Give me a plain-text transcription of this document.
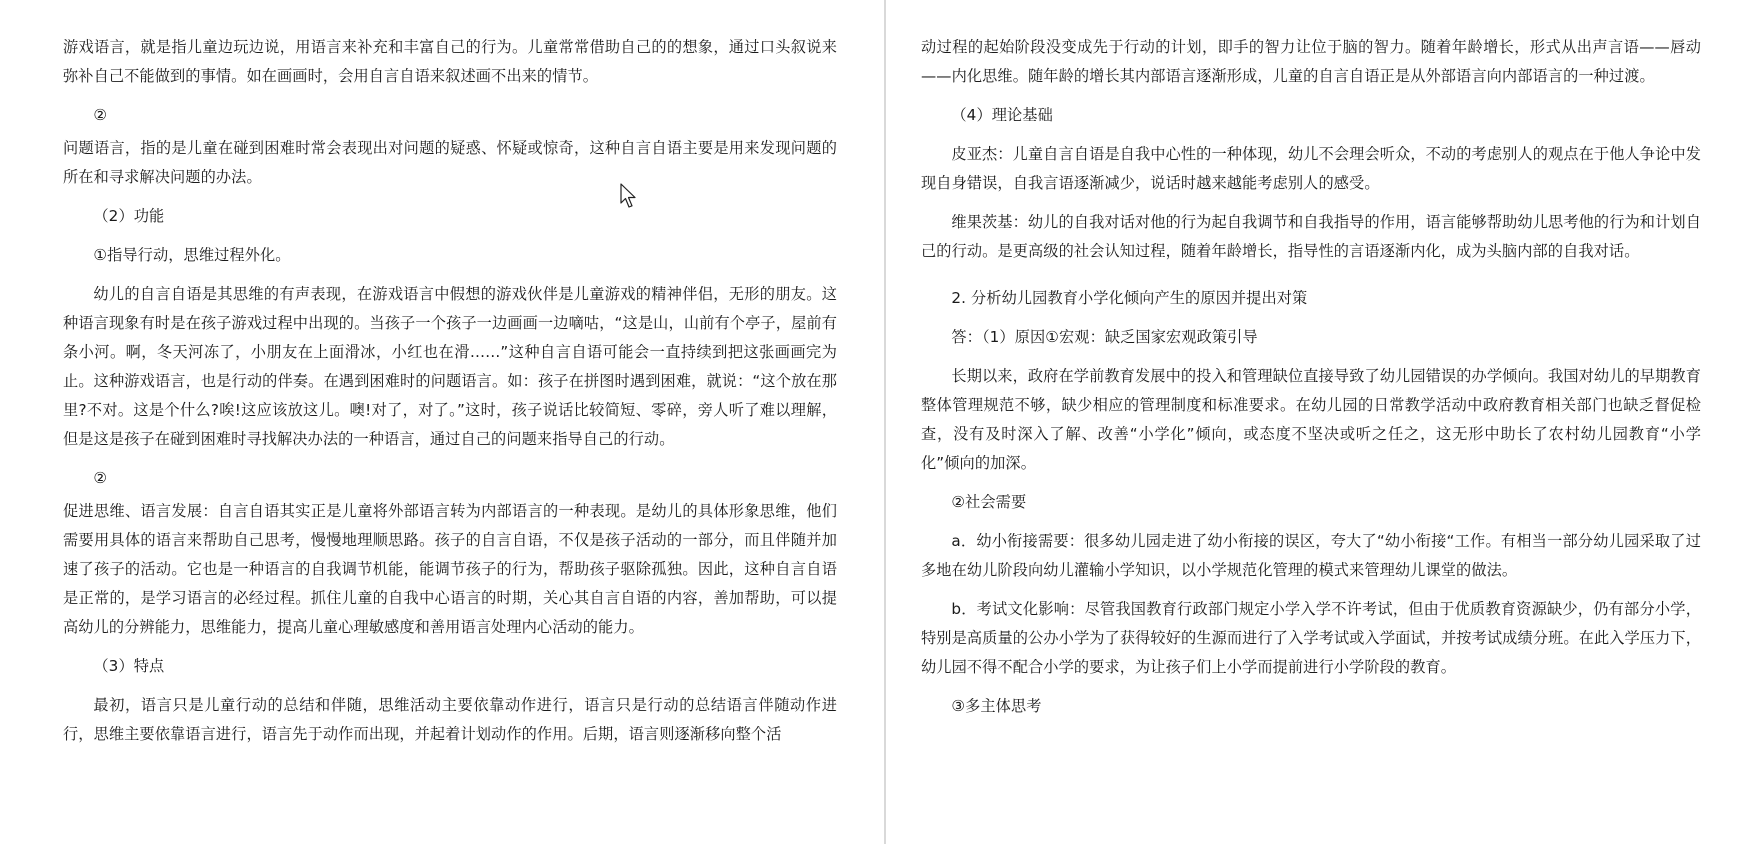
游戏语言，就是指儿童边玩边说，用语言来补充和丰富自己的行为。儿童常常借助自己的的想象，通过口头叙说来弥补自己不能做到的事情。如在画画时，会用自言自语来叙述画不出来的情节。

②

问题语言，指的是儿童在碰到困难时常会表现出对问题的疑惑、怀疑或惊奇，这种自言自语主要是用来发现问题的所在和寻求解决问题的办法。

（2）功能

①指导行动，思维过程外化。

幼儿的自言自语是其思维的有声表现，在游戏语言中假想的游戏伙伴是儿童游戏的精神伴侣，无形的朋友。这种语言现象有时是在孩子游戏过程中出现的。当孩子一个孩子一边画画一边嘀咕，“这是山，山前有个亭子，屋前有条小河。啊，冬天河冻了，小朋友在上面滑冰，小红也在滑……”这种自言自语可能会一直持续到把这张画画完为止。这种游戏语言，也是行动的伴奏。在遇到困难时的问题语言。如：孩子在拼图时遇到困难，就说：“这个放在那里?不对。这是个什么?唉!这应该放这儿。噢!对了，对了。”这时，孩子说话比较简短、零碎，旁人听了难以理解，但是这是孩子在碰到困难时寻找解决办法的一种语言，通过自己的问题来指导自己的行动。

②

促进思维、语言发展：自言自语其实正是儿童将外部语言转为内部语言的一种表现。是幼儿的具体形象思维，他们需要用具体的语言来帮助自己思考，慢慢地理顺思路。孩子的自言自语，不仅是孩子活动的一部分，而且伴随并加速了孩子的活动。它也是一种语言的自我调节机能，能调节孩子的行为，帮助孩子驱除孤独。因此，这种自言自语是正常的，是学习语言的必经过程。抓住儿童的自我中心语言的时期，关心其自言自语的内容，善加帮助，可以提高幼儿的分辨能力，思维能力，提高儿童心理敏感度和善用语言处理内心活动的能力。

（3）特点

最初，语言只是儿童行动的总结和伴随，思维活动主要依靠动作进行，语言只是行动的总结语言伴随动作进行，思维主要依靠语言进行，语言先于动作而出现，并起着计划动作的作用。后期，语言则逐渐移向整个活

动过程的起始阶段没变成先于行动的计划，即手的智力让位于脑的智力。随着年龄增长，形式从出声言语——唇动——内化思维。随年龄的增长其内部语言逐渐形成，儿童的自言自语正是从外部语言向内部语言的一种过渡。

（4）理论基础

皮亚杰：儿童自言自语是自我中心性的一种体现，幼儿不会理会听众，不动的考虑别人的观点在于他人争论中发现自身错误，自我言语逐渐减少，说话时越来越能考虑别人的感受。

维果茨基：幼儿的自我对话对他的行为起自我调节和自我指导的作用，语言能够帮助幼儿思考他的行为和计划自己的行动。是更高级的社会认知过程，随着年龄增长，指导性的言语逐渐内化，成为头脑内部的自我对话。

2. 分析幼儿园教育小学化倾向产生的原因并提出对策

答：（1）原因①宏观：缺乏国家宏观政策引导

长期以来，政府在学前教育发展中的投入和管理缺位直接导致了幼儿园错误的办学倾向。我国对幼儿的早期教育整体管理规范不够，缺少相应的管理制度和标准要求。在幼儿园的日常教学活动中政府教育相关部门也缺乏督促检查，没有及时深入了解、改善“小学化”倾向，或态度不坚决或听之任之，这无形中助长了农村幼儿园教育“小学化”倾向的加深。

②社会需要

a．幼小衔接需要：很多幼儿园走进了幼小衔接的误区，夸大了“幼小衔接“工作。有相当一部分幼儿园采取了过多地在幼儿阶段向幼儿灌输小学知识，以小学规范化管理的模式来管理幼儿课堂的做法。

b．考试文化影响：尽管我国教育行政部门规定小学入学不许考试，但由于优质教育资源缺少，仍有部分小学，特别是高质量的公办小学为了获得较好的生源而进行了入学考试或入学面试，并按考试成绩分班。在此入学压力下，幼儿园不得不配合小学的要求，为让孩子们上小学而提前进行小学阶段的教育。

③多主体思考
